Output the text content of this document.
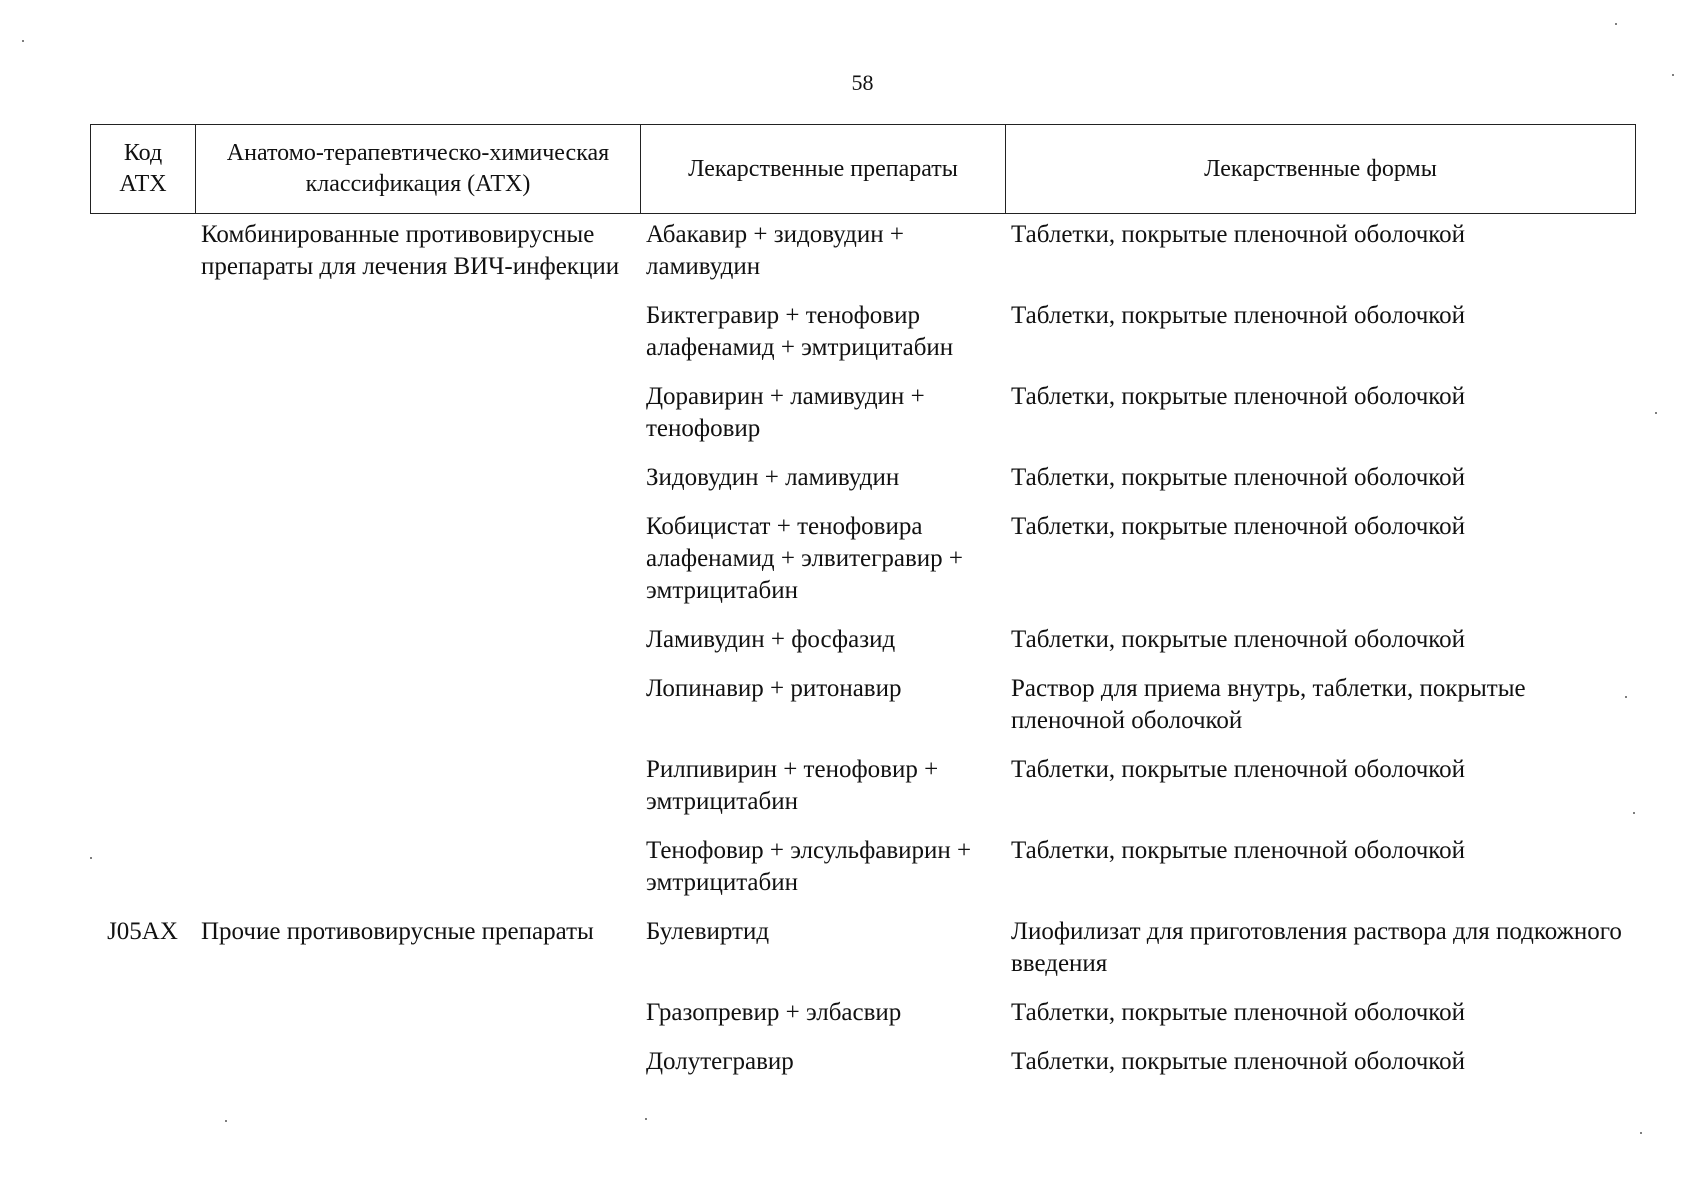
58
Код АТХ	Анатомо-терапевтическо-химическая классификация (АТХ)	Лекарственные препараты	Лекарственные формы
	Комбинированные противовирусные препараты для лечения ВИЧ-инфекции	Абакавир + зидовудин + ламивудин	Таблетки, покрытые пленочной оболочкой
		Биктегравир + тенофовир алафенамид + эмтрицитабин	Таблетки, покрытые пленочной оболочкой
		Доравирин + ламивудин + тенофовир	Таблетки, покрытые пленочной оболочкой
		Зидовудин + ламивудин	Таблетки, покрытые пленочной оболочкой
		Кобицистат + тенофовира алафенамид + элвитегравир + эмтрицитабин	Таблетки, покрытые пленочной оболочкой
		Ламивудин + фосфазид	Таблетки, покрытые пленочной оболочкой
		Лопинавир + ритонавир	Раствор для приема внутрь, таблетки, покрытые пленочной оболочкой
		Рилпивирин + тенофовир + эмтрицитабин	Таблетки, покрытые пленочной оболочкой
		Тенофовир + элсульфавирин + эмтрицитабин	Таблетки, покрытые пленочной оболочкой
J05AX	Прочие противовирусные препараты	Булевиртид	Лиофилизат для приготовления раствора для подкожного введения
		Гразопревир + элбасвир	Таблетки, покрытые пленочной оболочкой
		Долутегравир	Таблетки, покрытые пленочной оболочкой
